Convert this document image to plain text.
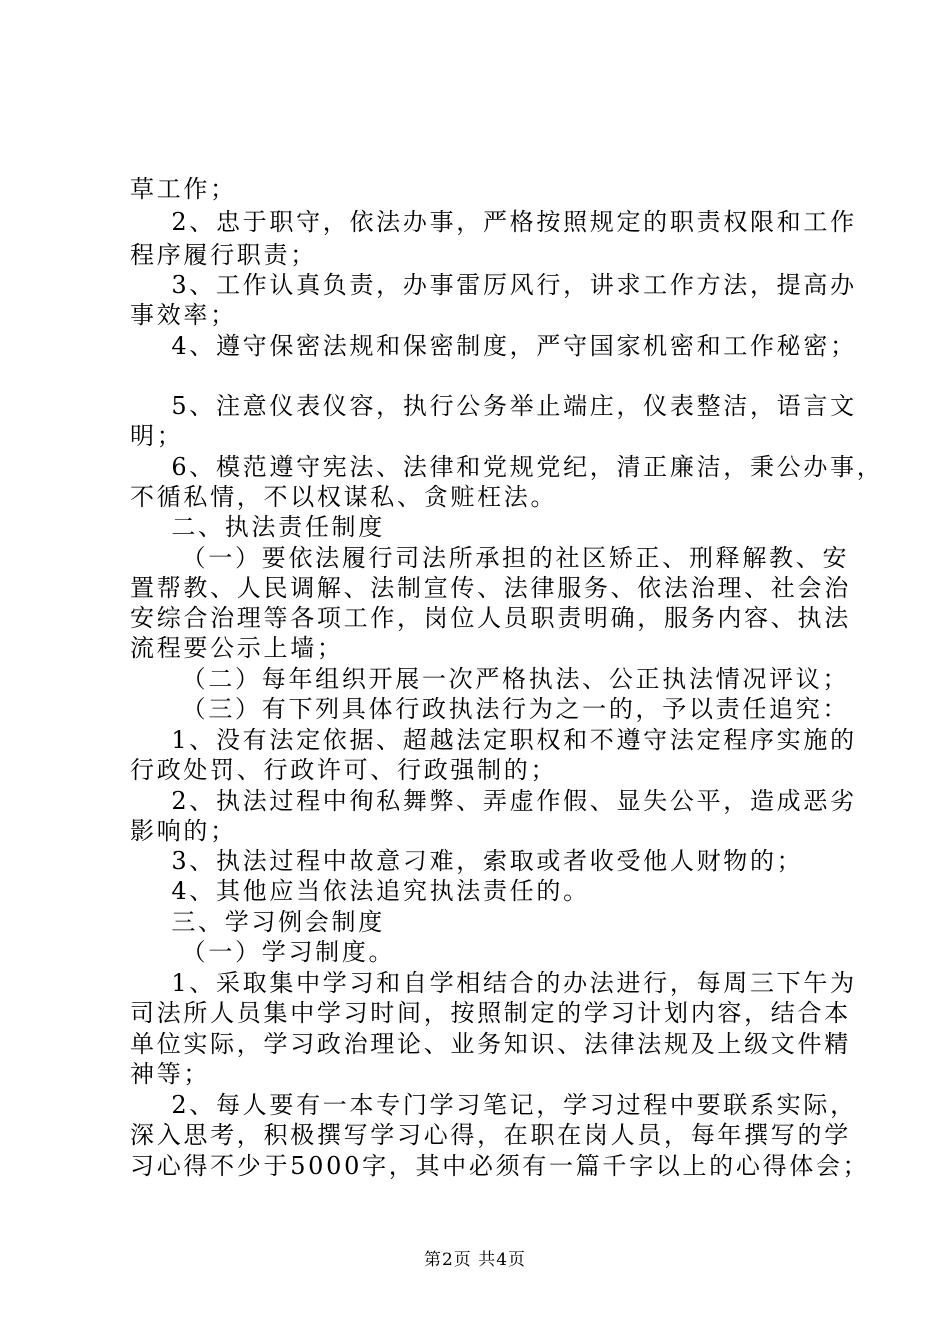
草工作；
2、忠于职守，依法办事，严格按照规定的职责权限和工作
程序履行职责；
3、工作认真负责，办事雷厉风行，讲求工作方法，提高办
事效率；
4、遵守保密法规和保密制度，严守国家机密和工作秘密；
5、注意仪表仪容，执行公务举止端庄，仪表整洁，语言文
明；
6、模范遵守宪法、法律和党规党纪，清正廉洁，秉公办事，
不循私情，不以权谋私、贪赃枉法。
二、执法责任制度
（一）要依法履行司法所承担的社区矫正、刑释解教、安
置帮教、人民调解、法制宣传、法律服务、依法治理、社会治
安综合治理等各项工作，岗位人员职责明确，服务内容、执法
流程要公示上墙；
（二）每年组织开展一次严格执法、公正执法情况评议；
（三）有下列具体行政执法行为之一的，予以责任追究：
1、没有法定依据、超越法定职权和不遵守法定程序实施的
行政处罚、行政许可、行政强制的；
2、执法过程中徇私舞弊、弄虚作假、显失公平，造成恶劣
影响的；
3、执法过程中故意刁难，索取或者收受他人财物的；
4、其他应当依法追究执法责任的。
三、学习例会制度
（一）学习制度。
1、采取集中学习和自学相结合的办法进行，每周三下午为
司法所人员集中学习时间，按照制定的学习计划内容，结合本
单位实际，学习政治理论、业务知识、法律法规及上级文件精
神等；
2、每人要有一本专门学习笔记，学习过程中要联系实际，
深入思考，积极撰写学习心得，在职在岗人员，每年撰写的学
习心得不少于5000字，其中必须有一篇千字以上的心得体会；
第2页 共4页
